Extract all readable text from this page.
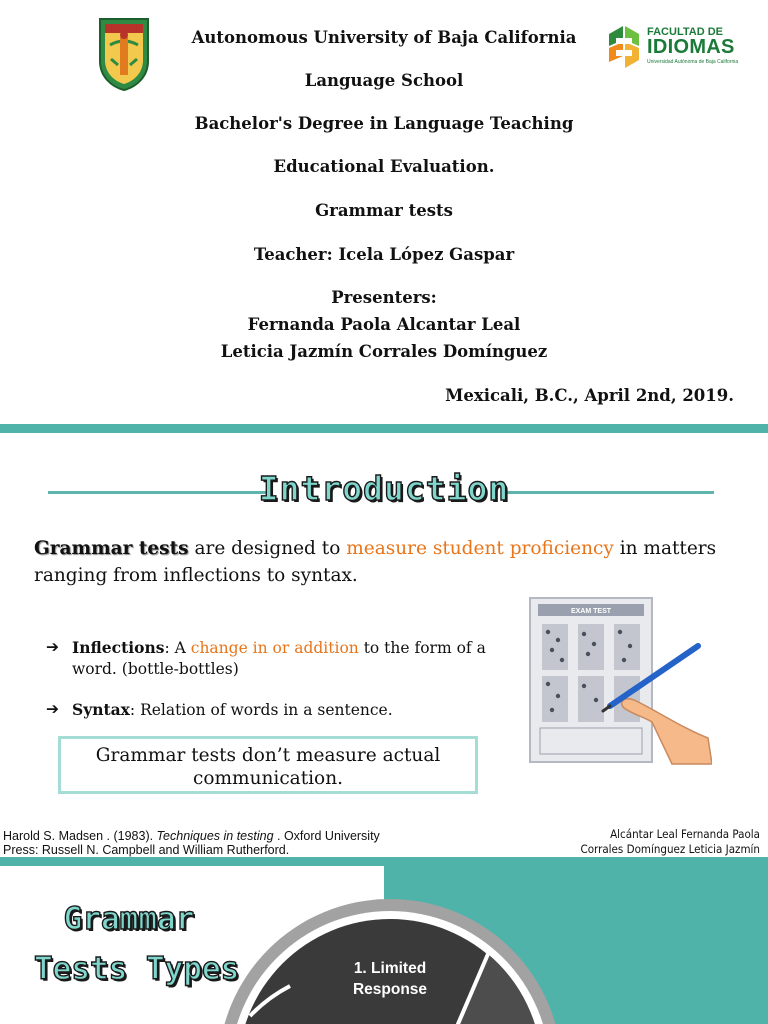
FACULTAD DE
IDIOMAS
Universidad Autónoma de Baja California
Autonomous University of Baja California
Language School
Bachelor's Degree in Language Teaching
Educational Evaluation.
Grammar tests
Teacher: Icela López Gaspar
Presenters:
Fernanda Paola Alcantar Leal
Leticia Jazmín Corrales Domínguez
Mexicali, B.C., April 2nd, 2019.
Introduction
Grammar tests are designed to measure student proficiency in matters ranging from inflections to syntax.
➔ Inflections: A change in or addition to the form of a word. (bottle-bottles)
➔ Syntax: Relation of words in a sentence.
Grammar tests don’t measure actual communication.
EXAM TEST
Harold S. Madsen . (1983). Techniques in testing . Oxford University Press: Russell N. Campbell and William Rutherford.
Alcántar Leal Fernanda Paola
Corrales Domínguez Leticia Jazmín
1. Limited
Response
Grammar
Tests Types
